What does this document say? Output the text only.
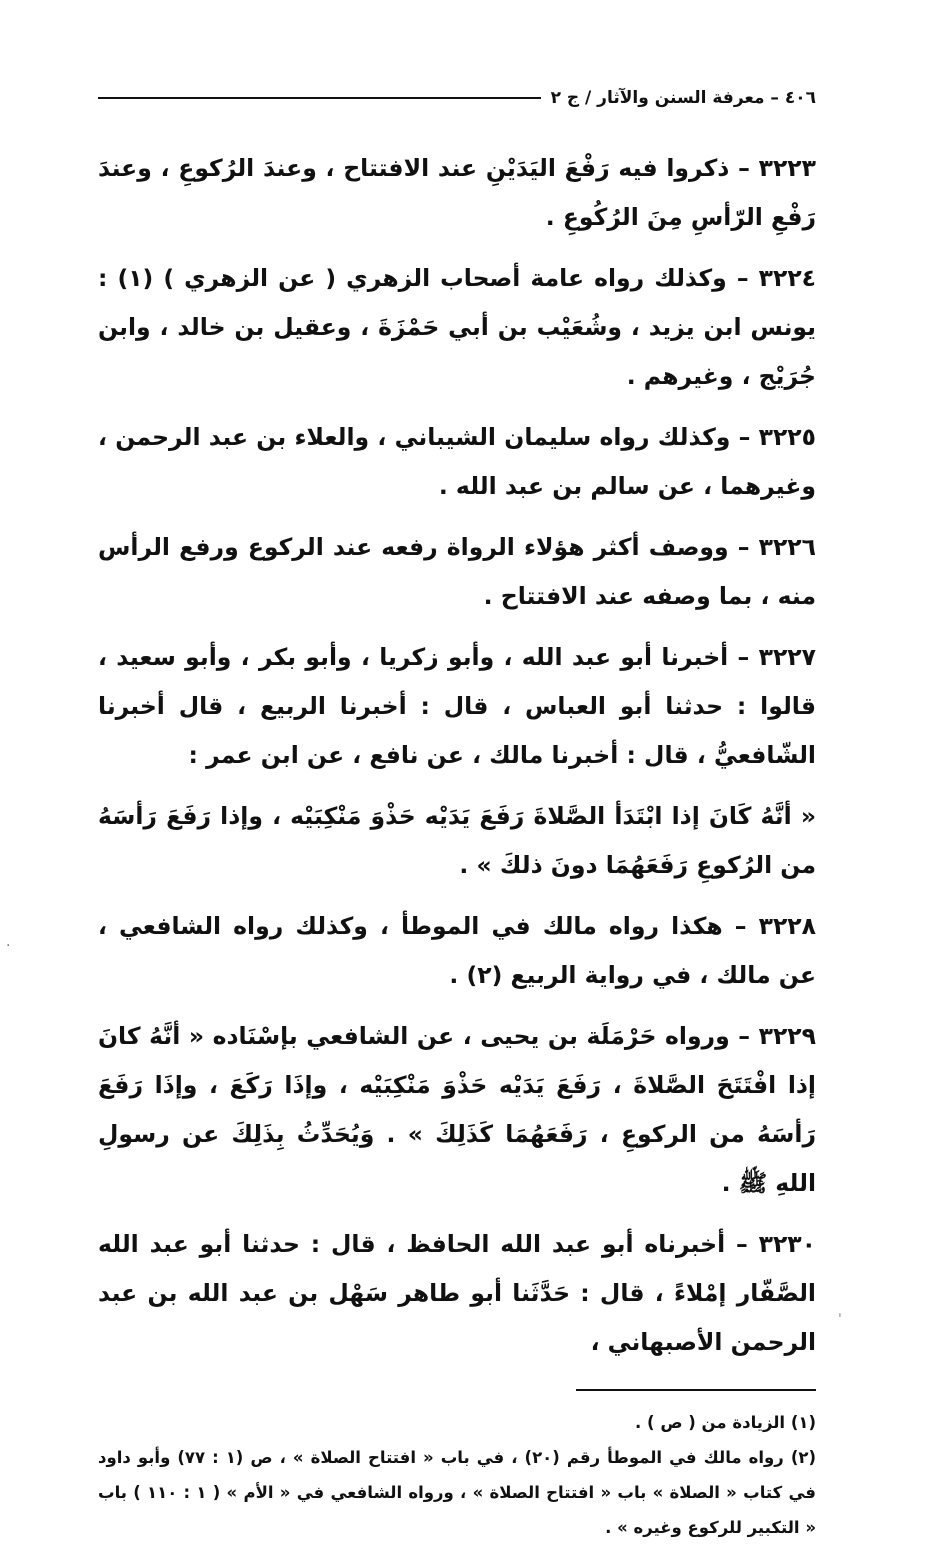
٤٠٦ – معرفة السنن والآثار / ج ٢

٣٢٢٣ – ذكروا فيه رَفْعَ اليَدَيْنِ عند الافتتاح ، وعندَ الرُكوعِ ، وعندَ رَفْعِ الرّأسِ مِنَ الرُكُوعِ .

٣٢٢٤ – وكذلك رواه عامة أصحاب الزهري ( عن الزهري ) (١) : يونس ابن يزيد ، وشُعَيْب بن أبي حَمْزَةَ ، وعقيل بن خالد ، وابن جُرَيْج ، وغيرهم .

٣٢٢٥ – وكذلك رواه سليمان الشيباني ، والعلاء بن عبد الرحمن ، وغيرهما ، عن سالم بن عبد الله .

٣٢٢٦ – ووصف أكثر هؤلاء الرواة رفعه عند الركوع ورفع الرأس منه ، بما وصفه عند الافتتاح .

٣٢٢٧ – أخبرنا أبو عبد الله ، وأبو زكريا ، وأبو بكر ، وأبو سعيد ، قالوا : حدثنا أبو العباس ، قال : أخبرنا الربيع ، قال أخبرنا الشّافعيُّ ، قال : أخبرنا مالك ، عن نافع ، عن ابن عمر :

« أنَّهُ كَانَ إذا ابْتَدَأ الصَّلاةَ رَفَعَ يَدَيْه حَذْوَ مَنْكِبَيْه ، وإذا رَفَعَ رَأسَهُ من الرُكوعِ رَفَعَهُمَا دونَ ذلكَ » .

٣٢٢٨ – هكذا رواه مالك في الموطأ ، وكذلك رواه الشافعي ، عن مالك ، في رواية الربيع (٢) .

٣٢٢٩ – ورواه حَرْمَلَة بن يحيى ، عن الشافعي بإسْنَاده « أنَّهُ كانَ إذا افْتَتَحَ الصَّلاةَ ، رَفَعَ يَدَيْه حَذْوَ مَنْكِبَيْه ، وإذَا رَكَعَ ، وإذَا رَفَعَ رَأسَهُ من الركوعِ ، رَفَعَهُمَا كَذَلِكَ » . وَيُحَدِّثُ بِذَلِكَ عن رسولِ اللهِ ﷺ .

٣٢٣٠ – أخبرناه أبو عبد الله الحافظ ، قال : حدثنا أبو عبد الله الصَّفّار إمْلاءً ، قال : حَدَّثَنا أبو طاهر سَهْل بن عبد الله بن عبد الرحمن الأصبهاني ،

(١) الزيادة من ( ص ) .

(٢) رواه مالك في الموطأ رقم (٢٠) ، في باب « افتتاح الصلاة » ، ص (١ : ٧٧) وأبو داود في كتاب « الصلاة » باب « افتتاح الصلاة » ، ورواه الشافعي في « الأم » ( ١ : ١١٠ ) باب « التكبير للركوع وغيره » .

·
ˈ
